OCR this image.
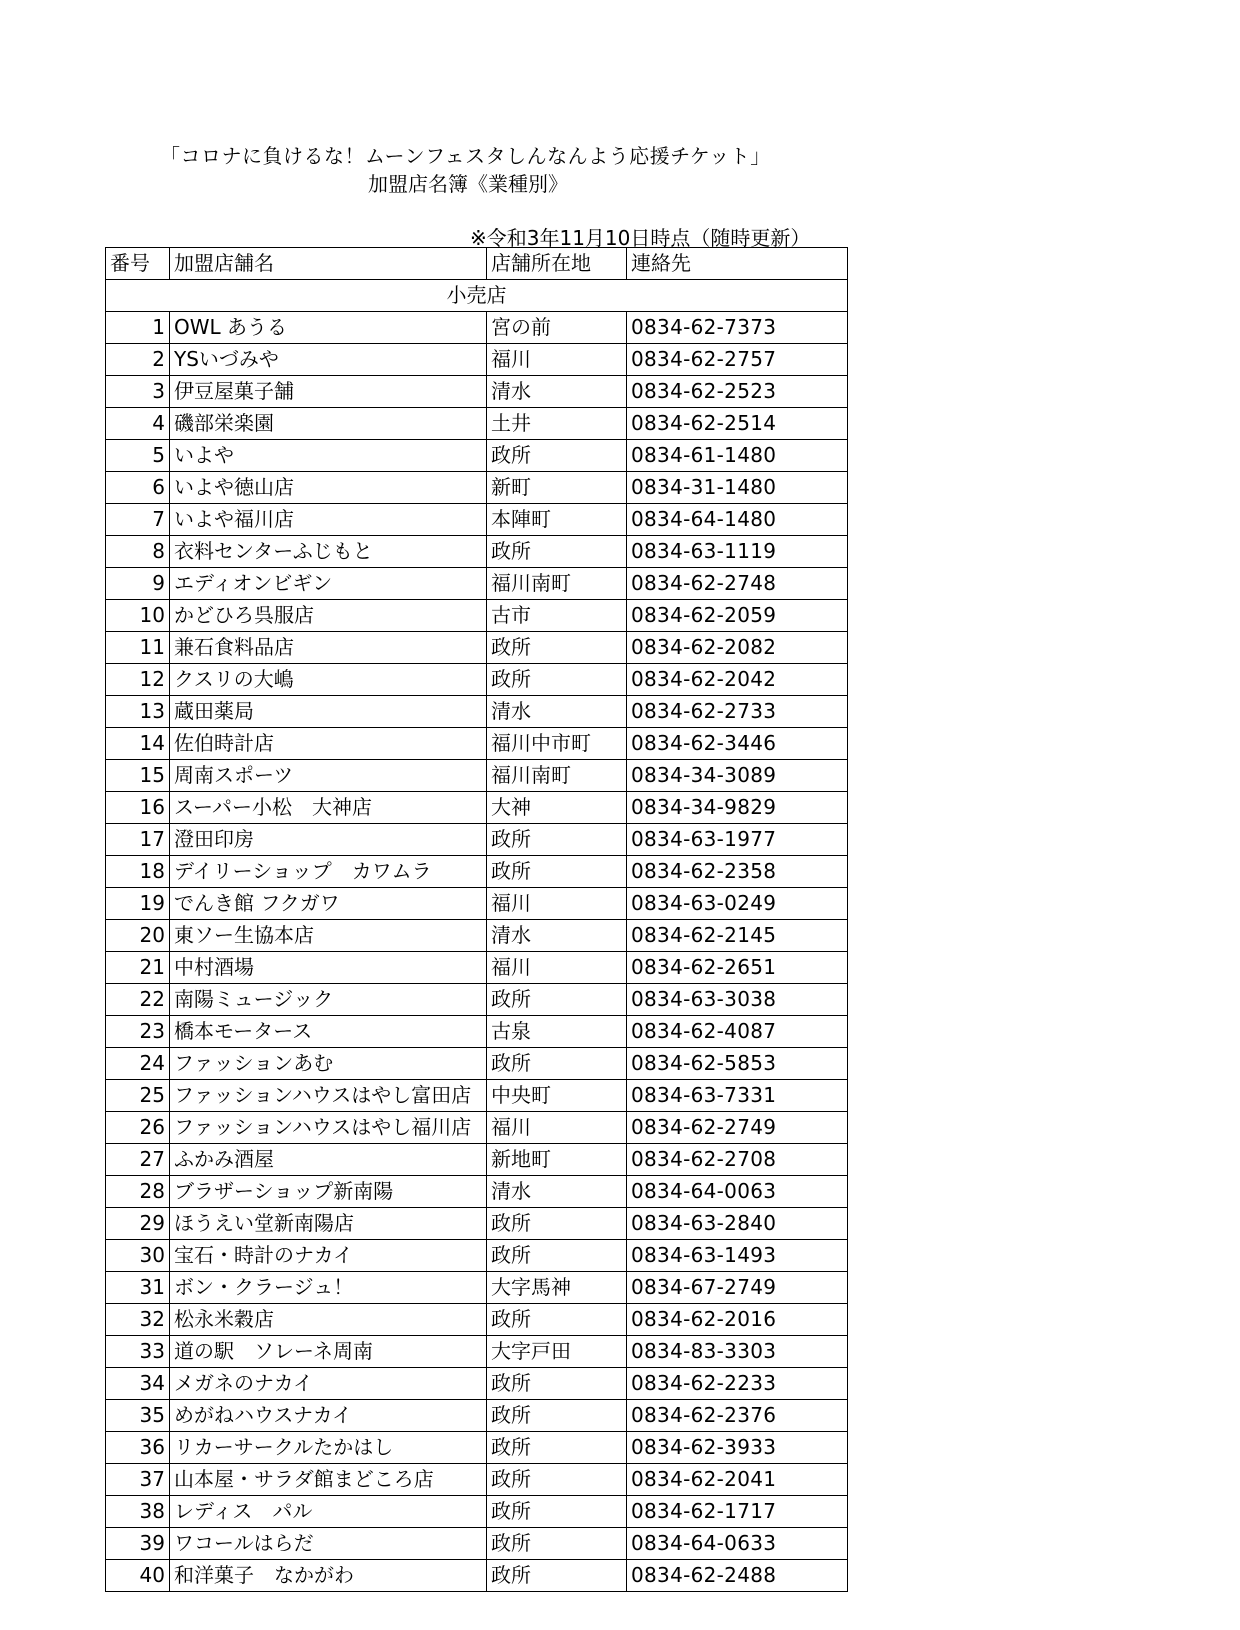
「コロナに負けるな！ムーンフェスタしんなんよう応援チケット」
加盟店名簿《業種別》
※令和3年11月10日時点（随時更新）
番号	加盟店舗名	店舗所在地	連絡先
小売店			
1	OWL あうる	宮の前	0834-62-7373
2	YSいづみや	福川	0834-62-2757
3	伊豆屋菓子舗	清水	0834-62-2523
4	磯部栄楽園	土井	0834-62-2514
5	いよや	政所	0834-61-1480
6	いよや徳山店	新町	0834-31-1480
7	いよや福川店	本陣町	0834-64-1480
8	衣料センターふじもと	政所	0834-63-1119
9	エディオンビギン	福川南町	0834-62-2748
10	かどひろ呉服店	古市	0834-62-2059
11	兼石食料品店	政所	0834-62-2082
12	クスリの大嶋	政所	0834-62-2042
13	蔵田薬局	清水	0834-62-2733
14	佐伯時計店	福川中市町	0834-62-3446
15	周南スポーツ	福川南町	0834-34-3089
16	スーパー小松　大神店	大神	0834-34-9829
17	澄田印房	政所	0834-63-1977
18	デイリーショップ　カワムラ	政所	0834-62-2358
19	でんき館 フクガワ	福川	0834-63-0249
20	東ソー生協本店	清水	0834-62-2145
21	中村酒場	福川	0834-62-2651
22	南陽ミュージック	政所	0834-63-3038
23	橋本モータース	古泉	0834-62-4087
24	ファッションあむ	政所	0834-62-5853
25	ファッションハウスはやし富田店	中央町	0834-63-7331
26	ファッションハウスはやし福川店	福川	0834-62-2749
27	ふかみ酒屋	新地町	0834-62-2708
28	ブラザーショップ新南陽	清水	0834-64-0063
29	ほうえい堂新南陽店	政所	0834-63-2840
30	宝石・時計のナカイ	政所	0834-63-1493
31	ボン・クラージュ！	大字馬神	0834-67-2749
32	松永米穀店	政所	0834-62-2016
33	道の駅　ソレーネ周南	大字戸田	0834-83-3303
34	メガネのナカイ	政所	0834-62-2233
35	めがねハウスナカイ	政所	0834-62-2376
36	リカーサークルたかはし	政所	0834-62-3933
37	山本屋・サラダ館まどころ店	政所	0834-62-2041
38	レディス　パル	政所	0834-62-1717
39	ワコールはらだ	政所	0834-64-0633
40	和洋菓子　なかがわ	政所	0834-62-2488
